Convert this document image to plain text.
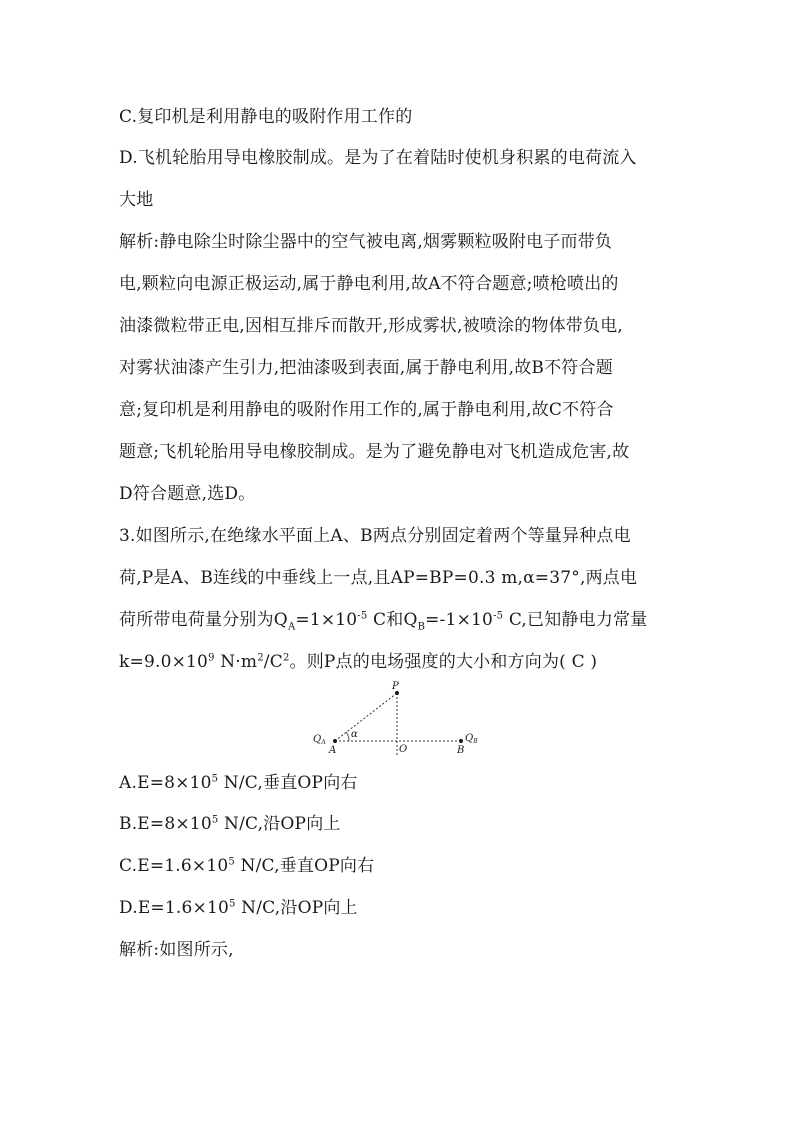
C.复印机是利用静电的吸附作用工作的
D.飞机轮胎用导电橡胶制成。是为了在着陆时使机身积累的电荷流入
大地
解析:静电除尘时除尘器中的空气被电离,烟雾颗粒吸附电子而带负
电,颗粒向电源正极运动,属于静电利用,故A不符合题意;喷枪喷出的
油漆微粒带正电,因相互排斥而散开,形成雾状,被喷涂的物体带负电,
对雾状油漆产生引力,把油漆吸到表面,属于静电利用,故B不符合题
意;复印机是利用静电的吸附作用工作的,属于静电利用,故C不符合
题意;飞机轮胎用导电橡胶制成。是为了避免静电对飞机造成危害,故
D符合题意,选D。
3.如图所示,在绝缘水平面上A、B两点分别固定着两个等量异种点电
荷,P是A、B连线的中垂线上一点,且AP=BP=0.3 m,α=37°,两点电
荷所带电荷量分别为$Q_A=1\times 10^{-5}$ C和$Q_B=-1\times 10^{-5}$ C,已知静电力常量
$k=9.0\times 10^9$ $N\cdot m^2/C^2$。则P点的电场强度的大小和方向为( C )
P
$Q_A$
A
α
O	B
$Q_B$
$A.E=8\times 10^5$ N/C,垂直OP向右
$B.E=8\times 10^5$ N/C,沿OP向上
$C.E=1.6\times 10^5$ N/C,垂直OP向右
$D.E=1.6\times 10^5$ N/C,沿OP向上
解析:如图所示,
